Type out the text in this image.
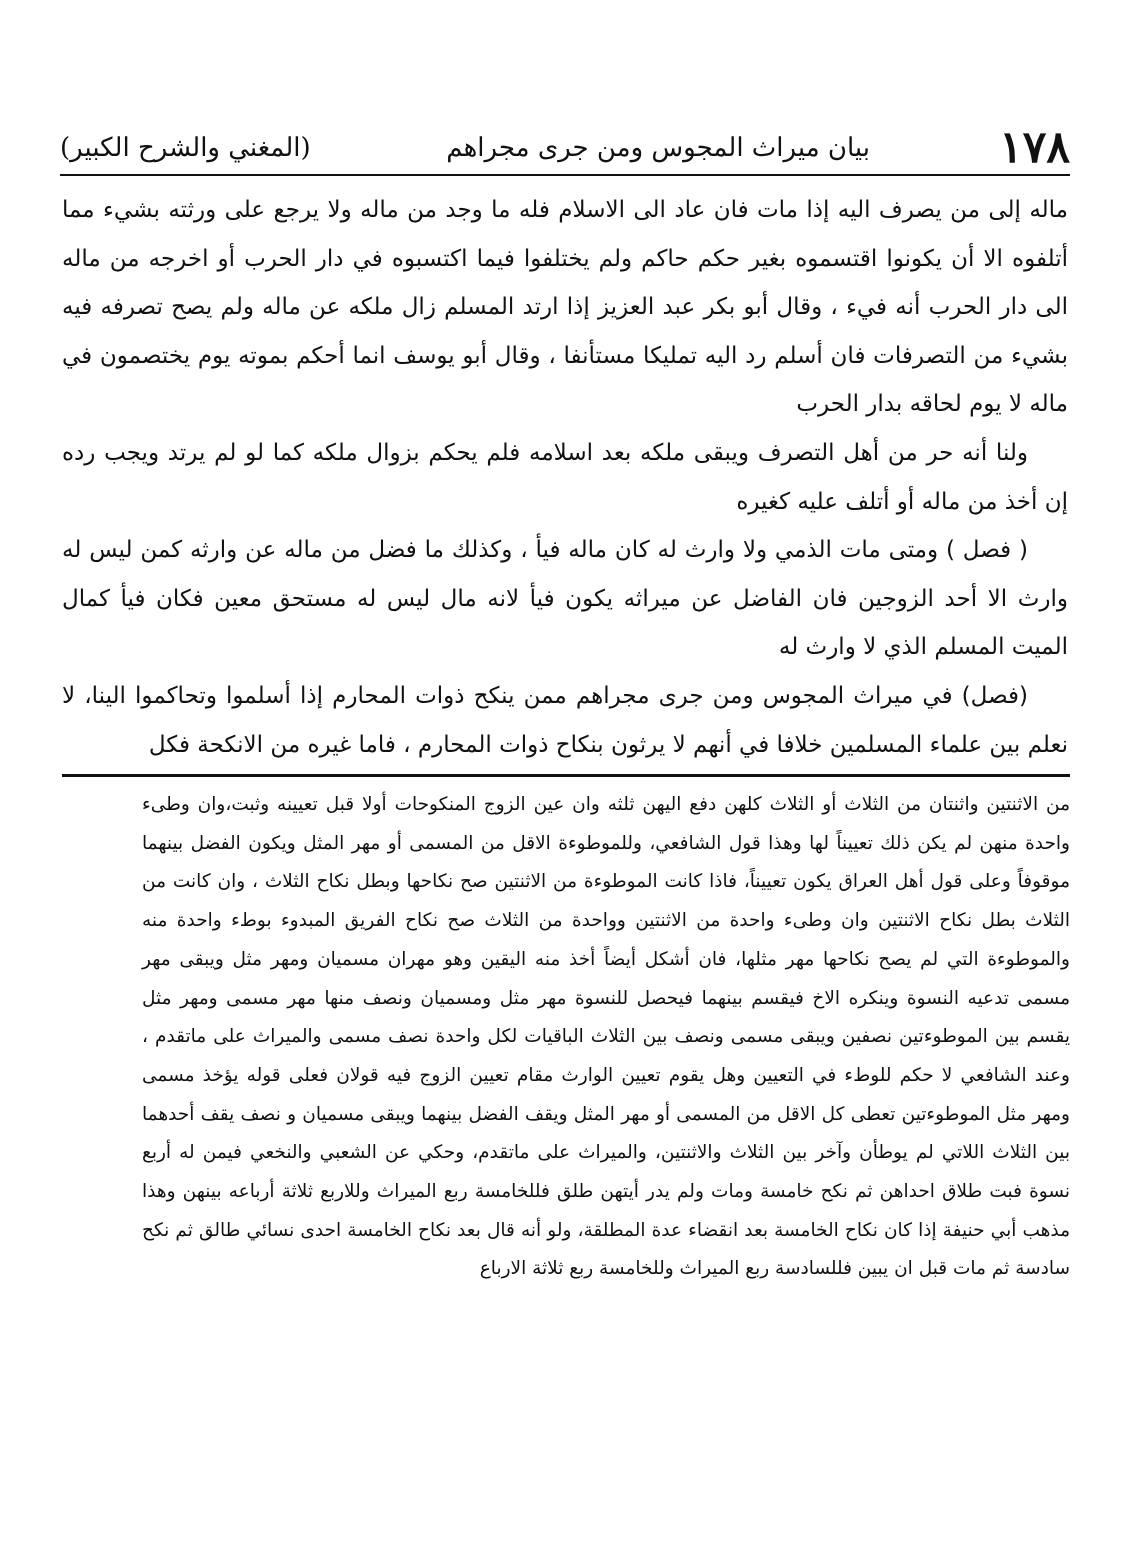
١٧٨
بيان ميراث المجوس ومن جرى مجراهم
(المغني والشرح الكبير)

ماله إلى من يصرف اليه إذا مات فان عاد الى الاسلام فله ما وجد من ماله ولا يرجع على ورثته بشيء مما أتلفوه الا أن يكونوا اقتسموه بغير حكم حاكم ولم يختلفوا فيما اكتسبوه في دار الحرب أو اخرجه من ماله الى دار الحرب أنه فيء ، وقال أبو بكر عبد العزيز إذا ارتد المسلم زال ملكه عن ماله ولم يصح تصرفه فيه بشيء من التصرفات فان أسلم رد اليه تمليكا مستأنفا ، وقال أبو يوسف انما أحكم بموته يوم يختصمون في ماله لا يوم لحاقه بدار الحرب

ولنا أنه حر من أهل التصرف ويبقى ملكه بعد اسلامه فلم يحكم بزوال ملكه كما لو لم يرتد ويجب رده إن أخذ من ماله أو أتلف عليه كغيره

( فصل ) ومتى مات الذمي ولا وارث له كان ماله فيأ ، وكذلك ما فضل من ماله عن وارثه كمن ليس له وارث الا أحد الزوجين فان الفاضل عن ميراثه يكون فيأ لانه مال ليس له مستحق معين فكان فيأ كمال الميت المسلم الذي لا وارث له

(فصل) في ميراث المجوس ومن جرى مجراهم ممن ينكح ذوات المحارم إذا أسلموا وتحاكموا الينا، لا نعلم بين علماء المسلمين خلافا في أنهم لا يرثون بنكاح ذوات المحارم ، فاما غيره من الانكحة فكل

من الاثنتين واثنتان من الثلاث أو الثلاث كلهن دفع اليهن ثلثه وان عين الزوج المنكوحات أولا قبل تعيينه وثبت،وان وطىء واحدة منهن لم يكن ذلك تعييناً لها وهذا قول الشافعي، وللموطوءة الاقل من المسمى أو مهر المثل ويكون الفضل بينهما موقوفاً وعلى قول أهل العراق يكون تعييناً، فاذا كانت الموطوءة من الاثنتين صح نكاحها وبطل نكاح الثلاث ، وان كانت من الثلاث بطل نكاح الاثنتين وان وطىء واحدة من الاثنتين وواحدة من الثلاث صح نكاح الفريق المبدوء بوطء واحدة منه والموطوءة التي لم يصح نكاحها مهر مثلها، فان أشكل أيضاً أخذ منه اليقين وهو مهران مسميان ومهر مثل ويبقى مهر مسمى تدعيه النسوة وينكره الاخ فيقسم بينهما فيحصل للنسوة مهر مثل ومسميان ونصف منها مهر مسمى ومهر مثل يقسم بين الموطوءتين نصفين ويبقى مسمى ونصف بين الثلاث الباقيات لكل واحدة نصف مسمى والميراث على ماتقدم ، وعند الشافعي لا حكم للوطء في التعيين وهل يقوم تعيين الوارث مقام تعيين الزوج فيه قولان فعلى قوله يؤخذ مسمى ومهر مثل الموطوءتين تعطى كل الاقل من المسمى أو مهر المثل ويقف الفضل بينهما ويبقى مسميان و نصف يقف أحدهما بين الثلاث اللاتي لم يوطأن وآخر بين الثلاث والاثنتين، والميراث على ماتقدم، وحكي عن الشعبي والنخعي فيمن له أربع نسوة فبت طلاق احداهن ثم نكح خامسة ومات ولم يدر أيتهن طلق فللخامسة ربع الميراث وللاربع ثلاثة أرباعه بينهن وهذا مذهب أبي حنيفة إذا كان نكاح الخامسة بعد انقضاء عدة المطلقة، ولو أنه قال بعد نكاح الخامسة احدى نسائي طالق ثم نكح سادسة ثم مات قبل ان يبين فللسادسة ربع الميراث وللخامسة ربع ثلاثة الارباع
